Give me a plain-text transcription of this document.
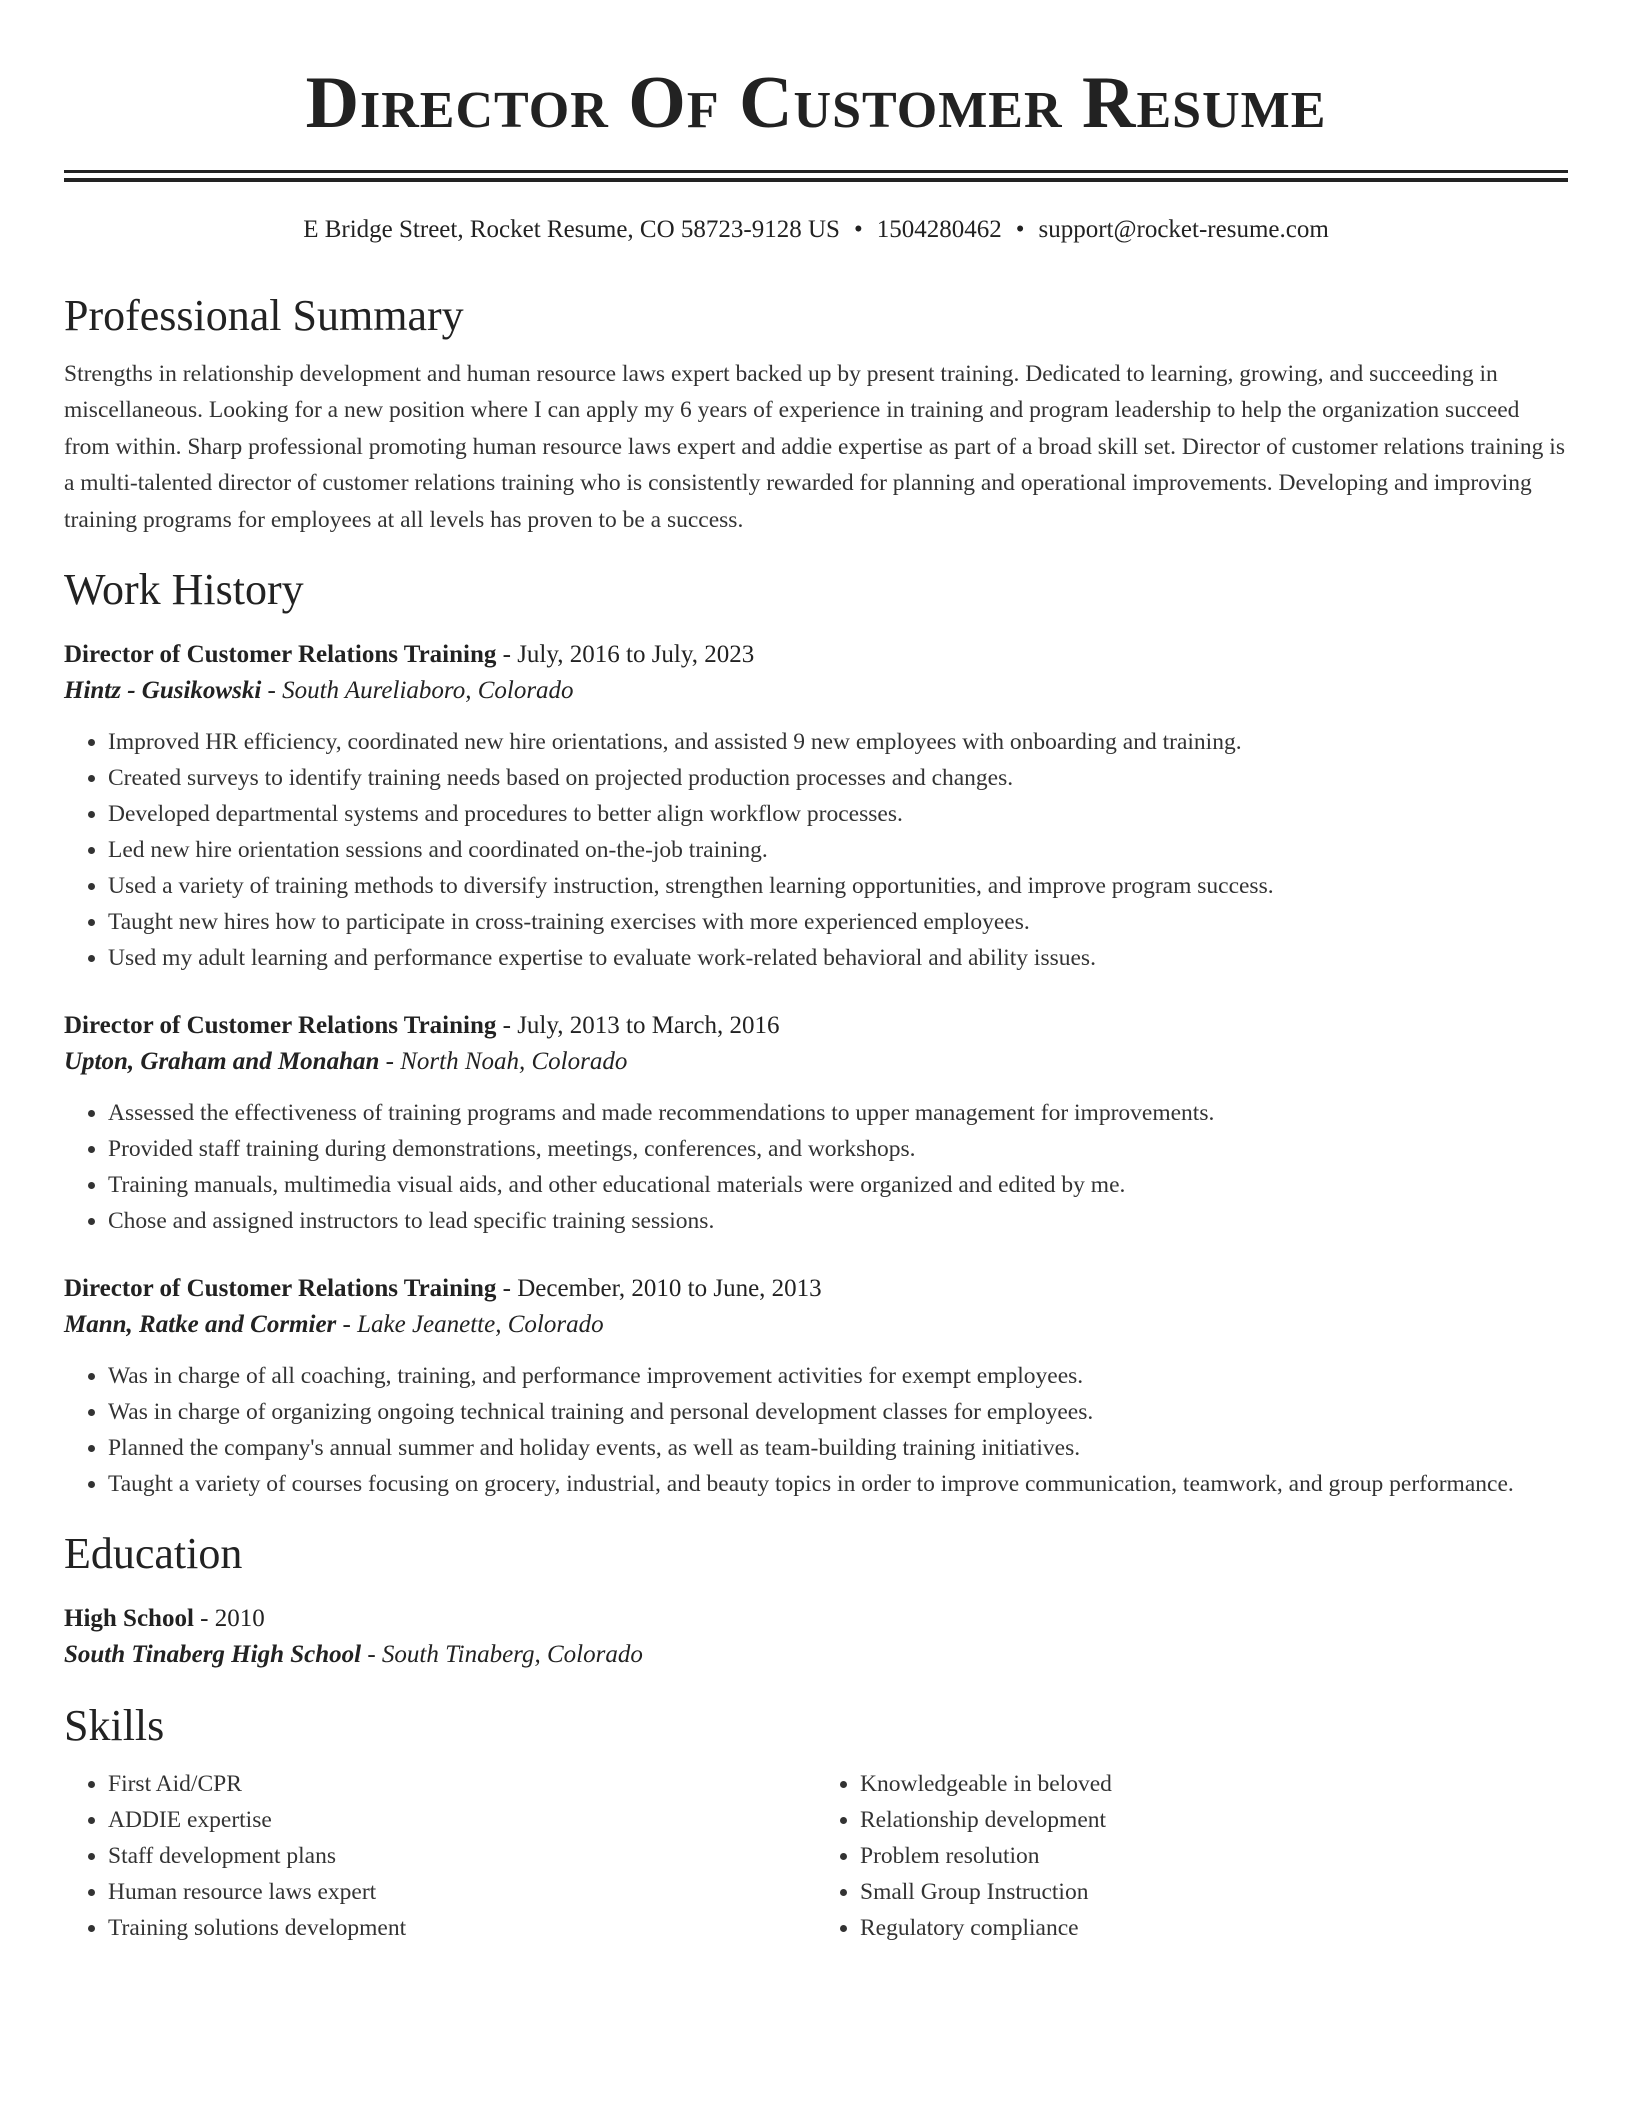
Director Of Customer Resume
E Bridge Street, Rocket Resume, CO 58723-9128 US • 1504280462 • support@rocket-resume.com
Professional Summary
Strengths in relationship development and human resource laws expert backed up by present training. Dedicated to learning, growing, and succeeding in miscellaneous. Looking for a new position where I can apply my 6 years of experience in training and program leadership to help the organization succeed from within. Sharp professional promoting human resource laws expert and addie expertise as part of a broad skill set. Director of customer relations training is a multi-talented director of customer relations training who is consistently rewarded for planning and operational improvements. Developing and improving training programs for employees at all levels has proven to be a success.
Work History
Director of Customer Relations Training - July, 2016 to July, 2023
Hintz - Gusikowski - South Aureliaboro, Colorado
• Improved HR efficiency, coordinated new hire orientations, and assisted 9 new employees with onboarding and training.
• Created surveys to identify training needs based on projected production processes and changes.
• Developed departmental systems and procedures to better align workflow processes.
• Led new hire orientation sessions and coordinated on-the-job training.
• Used a variety of training methods to diversify instruction, strengthen learning opportunities, and improve program success.
• Taught new hires how to participate in cross-training exercises with more experienced employees.
• Used my adult learning and performance expertise to evaluate work-related behavioral and ability issues.
Director of Customer Relations Training - July, 2013 to March, 2016
Upton, Graham and Monahan - North Noah, Colorado
• Assessed the effectiveness of training programs and made recommendations to upper management for improvements.
• Provided staff training during demonstrations, meetings, conferences, and workshops.
• Training manuals, multimedia visual aids, and other educational materials were organized and edited by me.
• Chose and assigned instructors to lead specific training sessions.
Director of Customer Relations Training - December, 2010 to June, 2013
Mann, Ratke and Cormier - Lake Jeanette, Colorado
• Was in charge of all coaching, training, and performance improvement activities for exempt employees.
• Was in charge of organizing ongoing technical training and personal development classes for employees.
• Planned the company's annual summer and holiday events, as well as team-building training initiatives.
• Taught a variety of courses focusing on grocery, industrial, and beauty topics in order to improve communication, teamwork, and group performance.
Education
High School - 2010
South Tinaberg High School - South Tinaberg, Colorado
Skills
• First Aid/CPR
• ADDIE expertise
• Staff development plans
• Human resource laws expert
• Training solutions development
• Knowledgeable in beloved
• Relationship development
• Problem resolution
• Small Group Instruction
• Regulatory compliance
